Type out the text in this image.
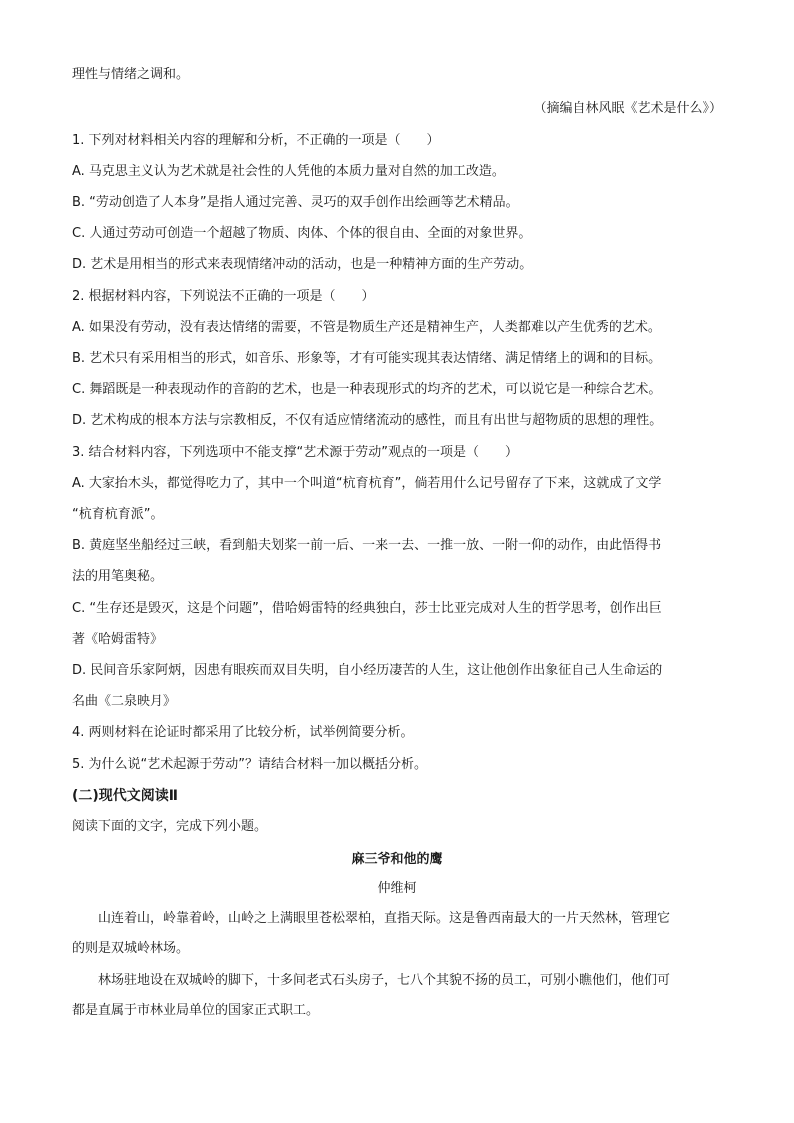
理性与情绪之调和。
（摘编自林风眠《艺术是什么》）
1. 下列对材料相关内容的理解和分析，不正确的一项是（　　）
A. 马克思主义认为艺术就是社会性的人凭他的本质力量对自然的加工改造。
B. “劳动创造了人本身”是指人通过完善、灵巧的双手创作出绘画等艺术精品。
C. 人通过劳动可创造一个超越了物质、肉体、个体的很自由、全面的对象世界。
D. 艺术是用相当的形式来表现情绪冲动的活动，也是一种精神方面的生产劳动。
2. 根据材料内容，下列说法不正确的一项是（　　）
A. 如果没有劳动，没有表达情绪的需要，不管是物质生产还是精神生产，人类都难以产生优秀的艺术。
B. 艺术只有采用相当的形式，如音乐、形象等，才有可能实现其表达情绪、满足情绪上的调和的目标。
C. 舞蹈既是一种表现动作的音韵的艺术，也是一种表现形式的均齐的艺术，可以说它是一种综合艺术。
D. 艺术构成的根本方法与宗教相反，不仅有适应情绪流动的感性，而且有出世与超物质的思想的理性。
3. 结合材料内容，下列选项中不能支撑“艺术源于劳动”观点的一项是（　　）
A. 大家抬木头，都觉得吃力了，其中一个叫道“杭育杭育”，倘若用什么记号留存了下来，这就成了文学
“杭育杭育派”。
B. 黄庭坚坐船经过三峡，看到船夫划桨一前一后、一来一去、一推一放、一附一仰的动作，由此悟得书
法的用笔奥秘。
C. “生存还是毁灭，这是个问题”，借哈姆雷特的经典独白，莎士比亚完成对人生的哲学思考，创作出巨
著《哈姆雷特》
D. 民间音乐家阿炳，因患有眼疾而双目失明，自小经历凄苦的人生，这让他创作出象征自己人生命运的
名曲《二泉映月》
4. 两则材料在论证时都采用了比较分析，试举例简要分析。
5. 为什么说“艺术起源于劳动”？请结合材料一加以概括分析。
(二)现代文阅读Ⅱ
阅读下面的文字，完成下列小题。
麻三爷和他的鹰
仲维柯
山连着山，岭靠着岭，山岭之上满眼里苍松翠柏，直指天际。这是鲁西南最大的一片天然林，管理它
的则是双城岭林场。
林场驻地设在双城岭的脚下，十多间老式石头房子，七八个其貌不扬的员工，可别小瞧他们，他们可
都是直属于市林业局单位的国家正式职工。
